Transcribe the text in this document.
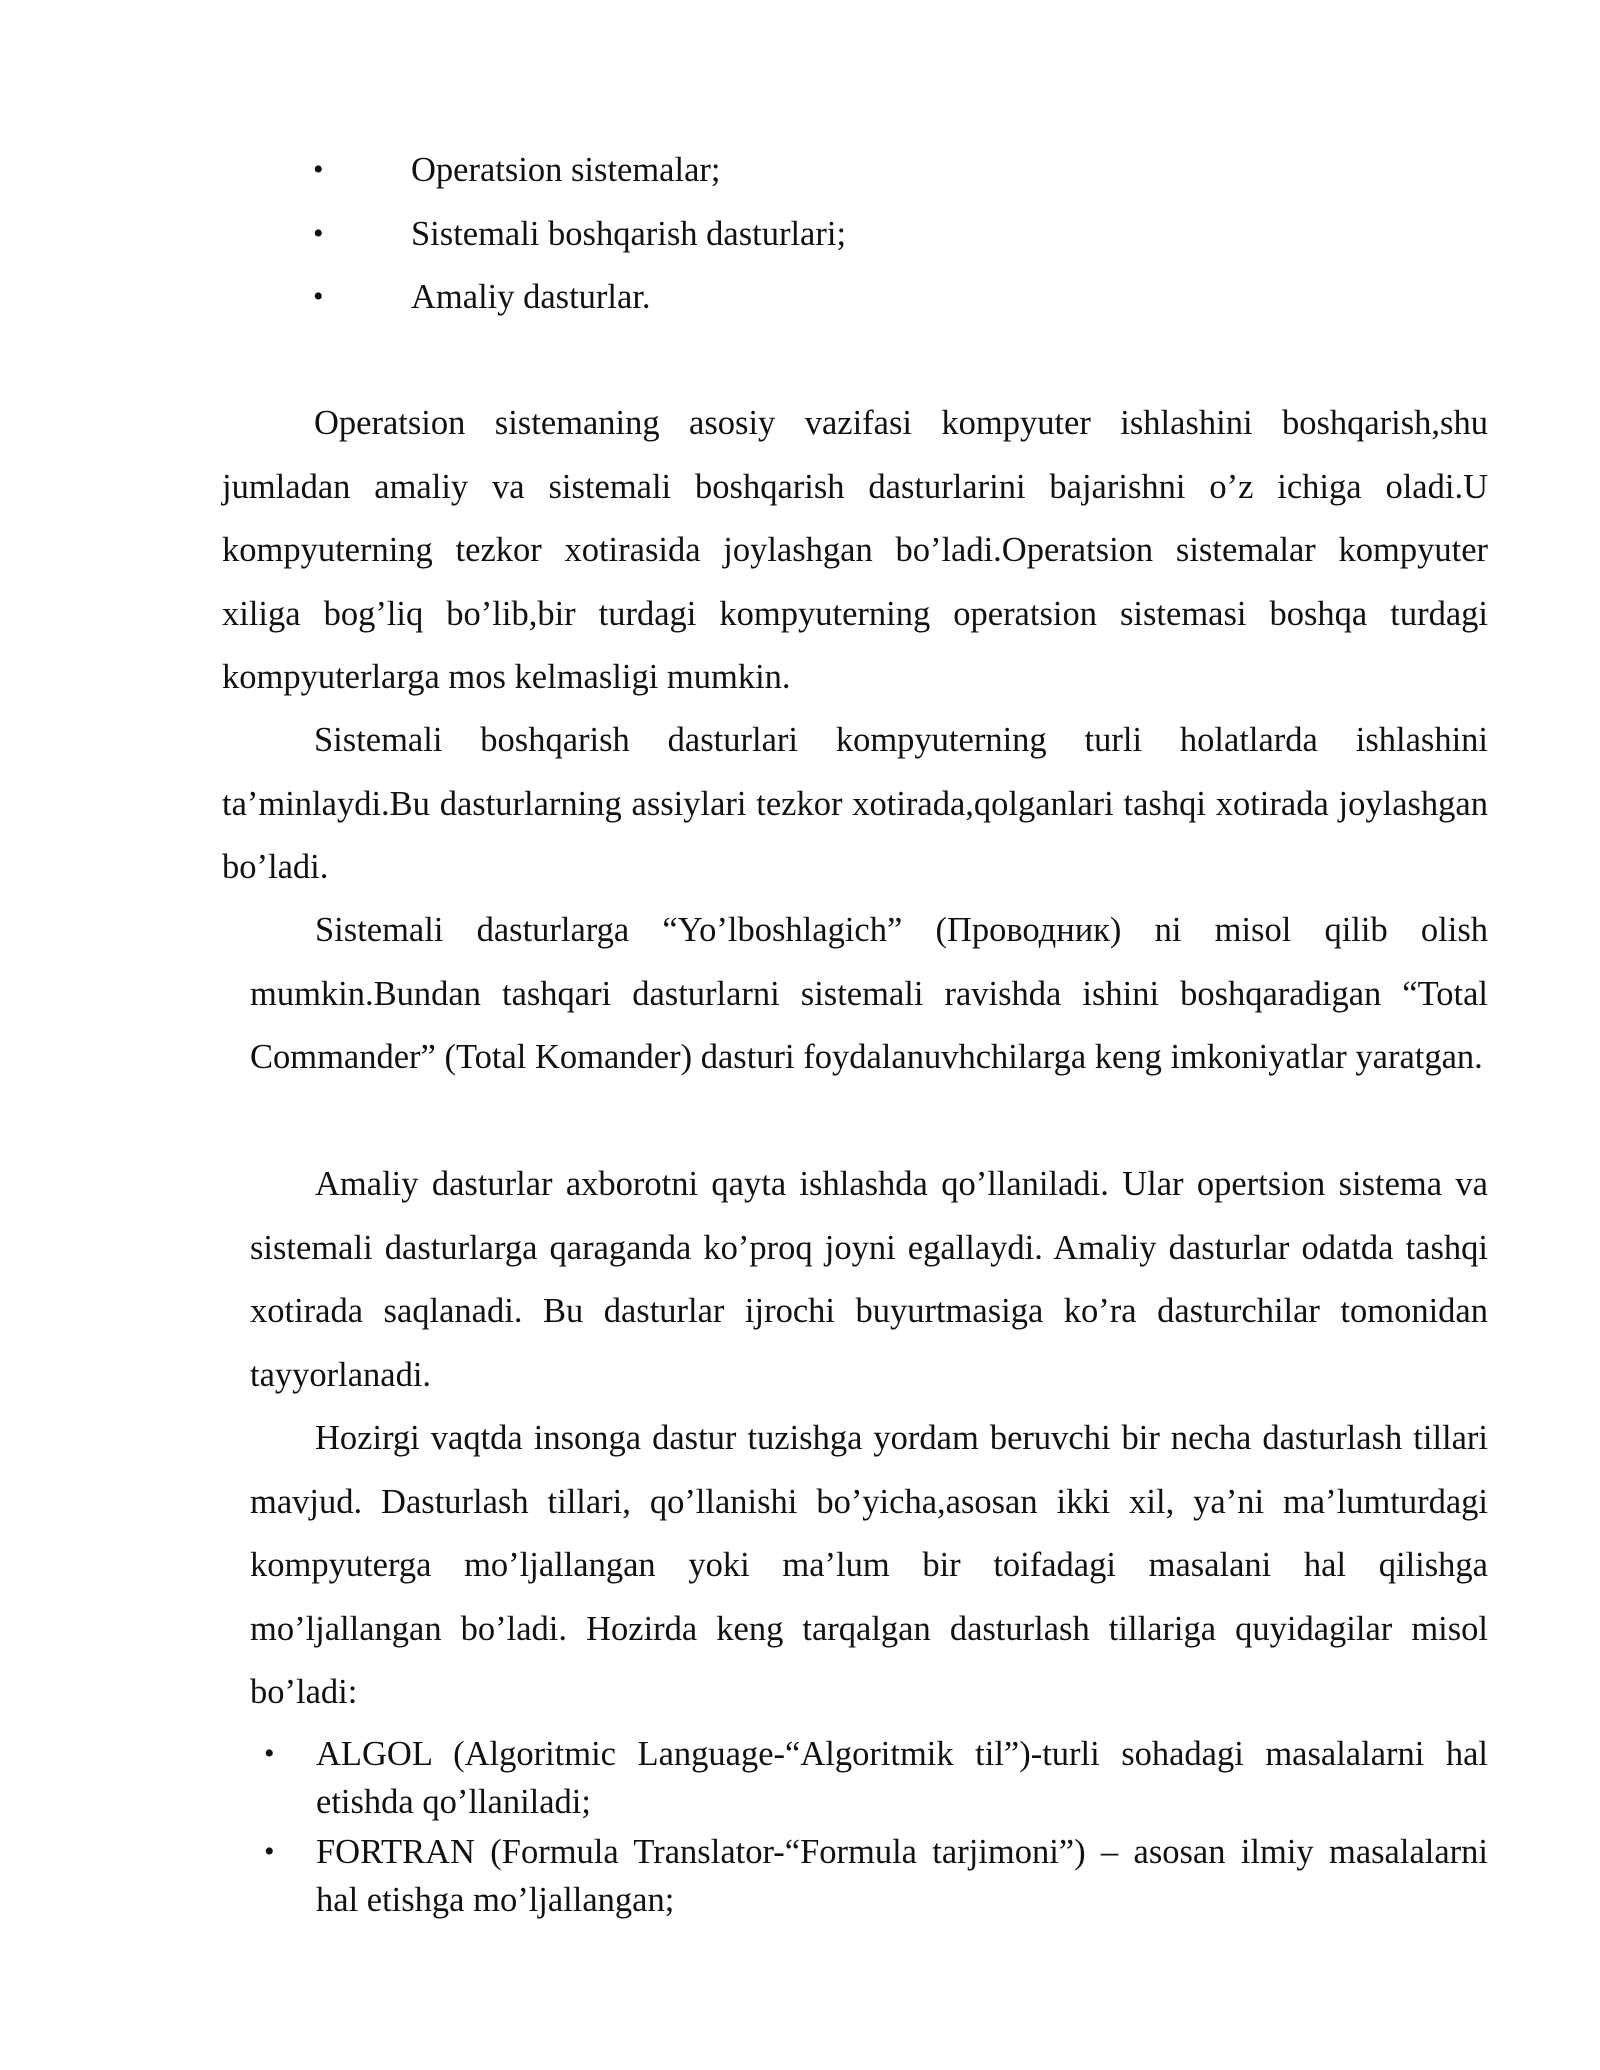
•	Operatsion sistemalar;
•	Sistemali boshqarish dasturlari;
•	Amaliy dasturlar.

Operatsion sistemaning asosiy vazifasi kompyuter ishlashini boshqarish,shu jumladan amaliy va sistemali boshqarish dasturlarini bajarishni o’z ichiga oladi.U kompyuterning tezkor xotirasida joylashgan bo’ladi.Operatsion sistemalar kompyuter xiliga bog’liq bo’lib,bir turdagi kompyuterning operatsion sistemasi boshqa turdagi kompyuterlarga mos kelmasligi mumkin.

Sistemali boshqarish dasturlari kompyuterning turli holatlarda ishlashini ta’minlaydi.Bu dasturlarning assiylari tezkor xotirada,qolganlari tashqi xotirada joylashgan bo’ladi.

Sistemali dasturlarga “Yo’lboshlagich” (Проводник) ni misol qilib olish mumkin.Bundan tashqari dasturlarni sistemali ravishda ishini boshqaradigan “Total Commander” (Total Komander) dasturi foydalanuvhchilarga keng imkoniyatlar yaratgan.

Amaliy dasturlar axborotni qayta ishlashda qo’llaniladi. Ular opertsion sistema va sistemali dasturlarga qaraganda ko’proq joyni egallaydi. Amaliy dasturlar odatda tashqi xotirada saqlanadi. Bu dasturlar ijrochi buyurtmasiga ko’ra dasturchilar tomonidan tayyorlanadi.

Hozirgi vaqtda insonga dastur tuzishga yordam beruvchi bir necha dasturlash tillari mavjud. Dasturlash tillari, qo’llanishi bo’yicha,asosan ikki xil, ya’ni ma’lumturdagi kompyuterga mo’ljallangan yoki ma’lum bir toifadagi masalani hal qilishga mo’ljallangan bo’ladi. Hozirda keng tarqalgan dasturlash tillariga quyidagilar misol bo’ladi:

• ALGOL (Algoritmic Language-“Algoritmik til”)-turli sohadagi masalalarni hal etishda qo’llaniladi;
• FORTRAN (Formula Translator-“Formula tarjimoni”) – asosan ilmiy masalalarni hal etishga mo’ljallangan;
